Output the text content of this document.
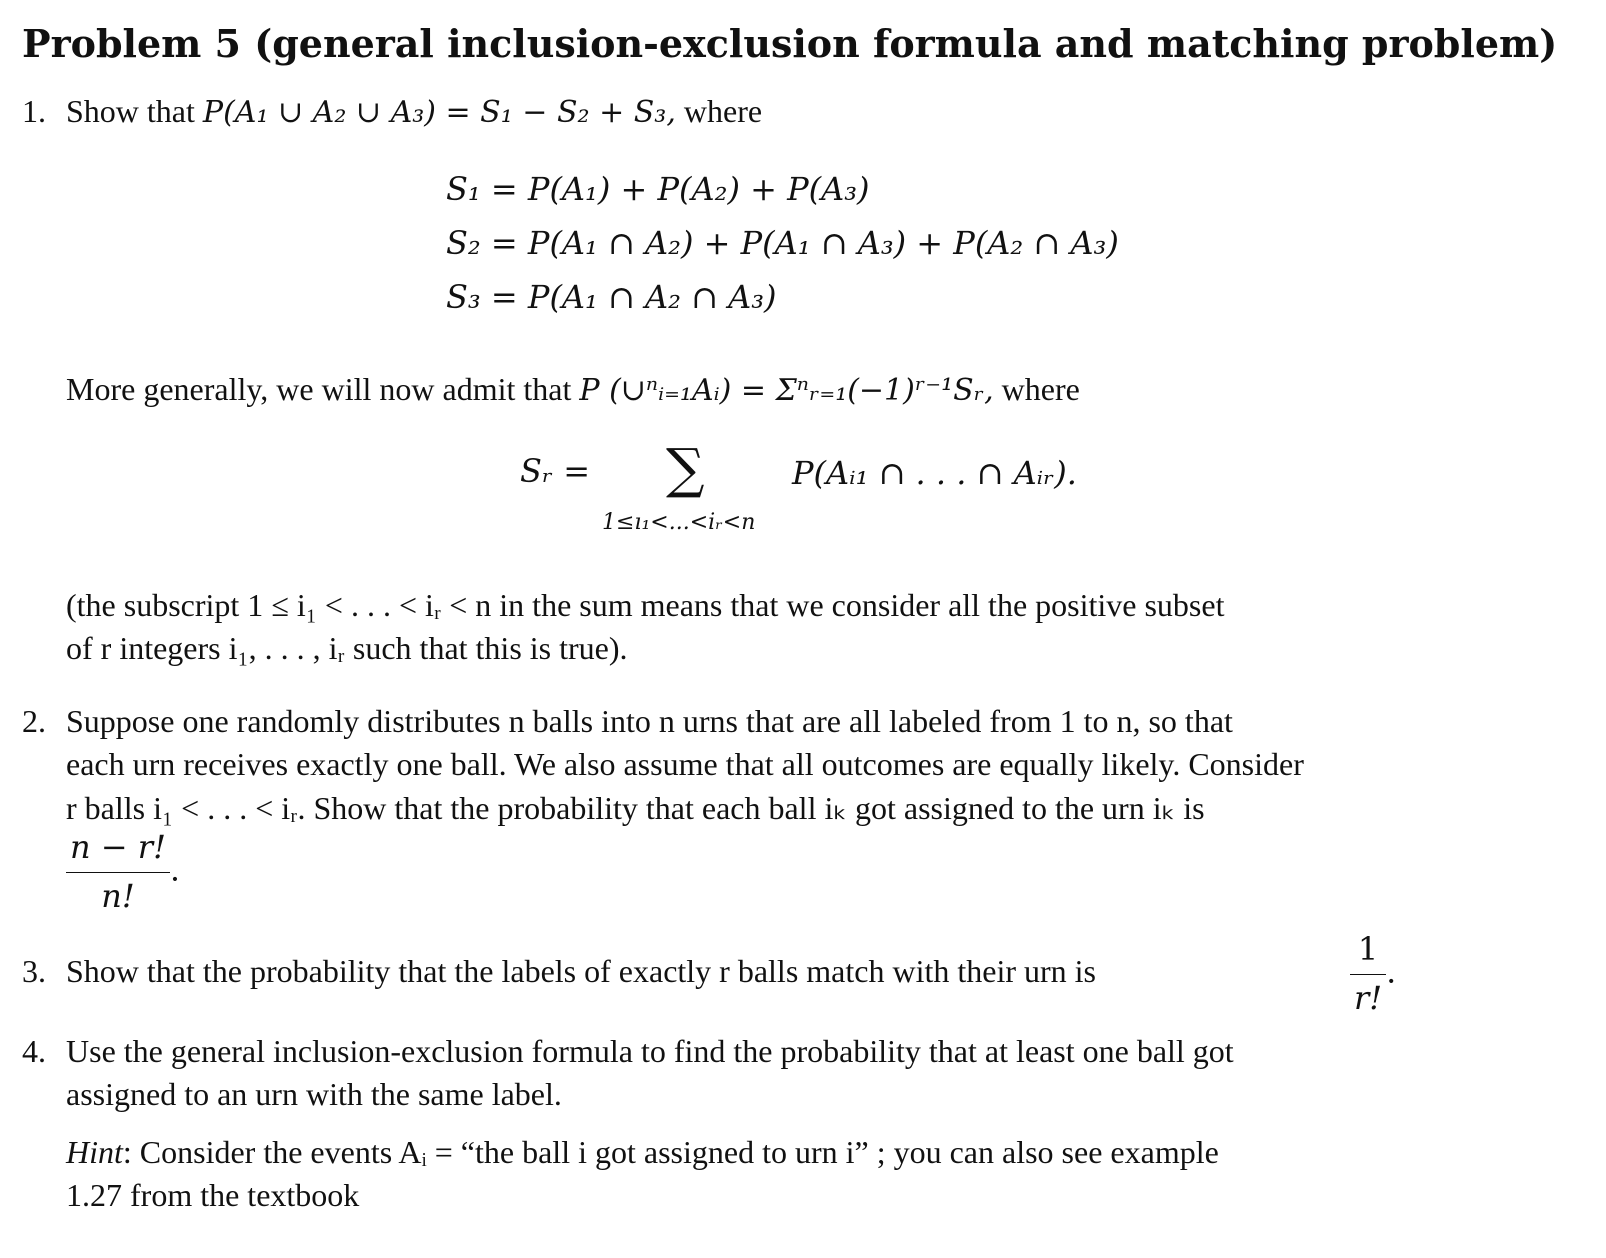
Problem 5 (general inclusion-exclusion formula and matching problem)
1. Show that P(A₁ ∪ A₂ ∪ A₃) = S₁ − S₂ + S₃, where
S₁ = P(A₁) + P(A₂) + P(A₃)
S₂ = P(A₁ ∩ A₂) + P(A₁ ∩ A₃) + P(A₂ ∩ A₃)
S₃ = P(A₁ ∩ A₂ ∩ A₃)
More generally, we will now admit that P (∪ⁿᵢ₌₁Aᵢ) = Σⁿᵣ₌₁(−1)ʳ⁻¹Sᵣ, where
Sᵣ = ∑
1≤ı₁<...<iᵣ<n
P(Aᵢ₁ ∩ . . . ∩ Aᵢᵣ).
(the subscript 1 ≤ i₁ < . . . < iᵣ < n in the sum means that we consider all the positive subset
of r integers i₁, . . . , iᵣ such that this is true).
2. Suppose one randomly distributes n balls into n urns that are all labeled from 1 to n, so that
each urn receives exactly one ball. We also assume that all outcomes are equally likely. Consider
r balls i₁ < . . . < iᵣ. Show that the probability that each ball iₖ got assigned to the urn iₖ is
$\frac{n - r!}{n!}$ .
3. Show that the probability that the labels of exactly r balls match with their urn is	$\frac{1}{r!}$ .
4. Use the general inclusion-exclusion formula to find the probability that at least one ball got
assigned to an urn with the same label.
Hint: Consider the events Aᵢ = “the ball i got assigned to urn i” ; you can also see example
1.27 from the textbook
